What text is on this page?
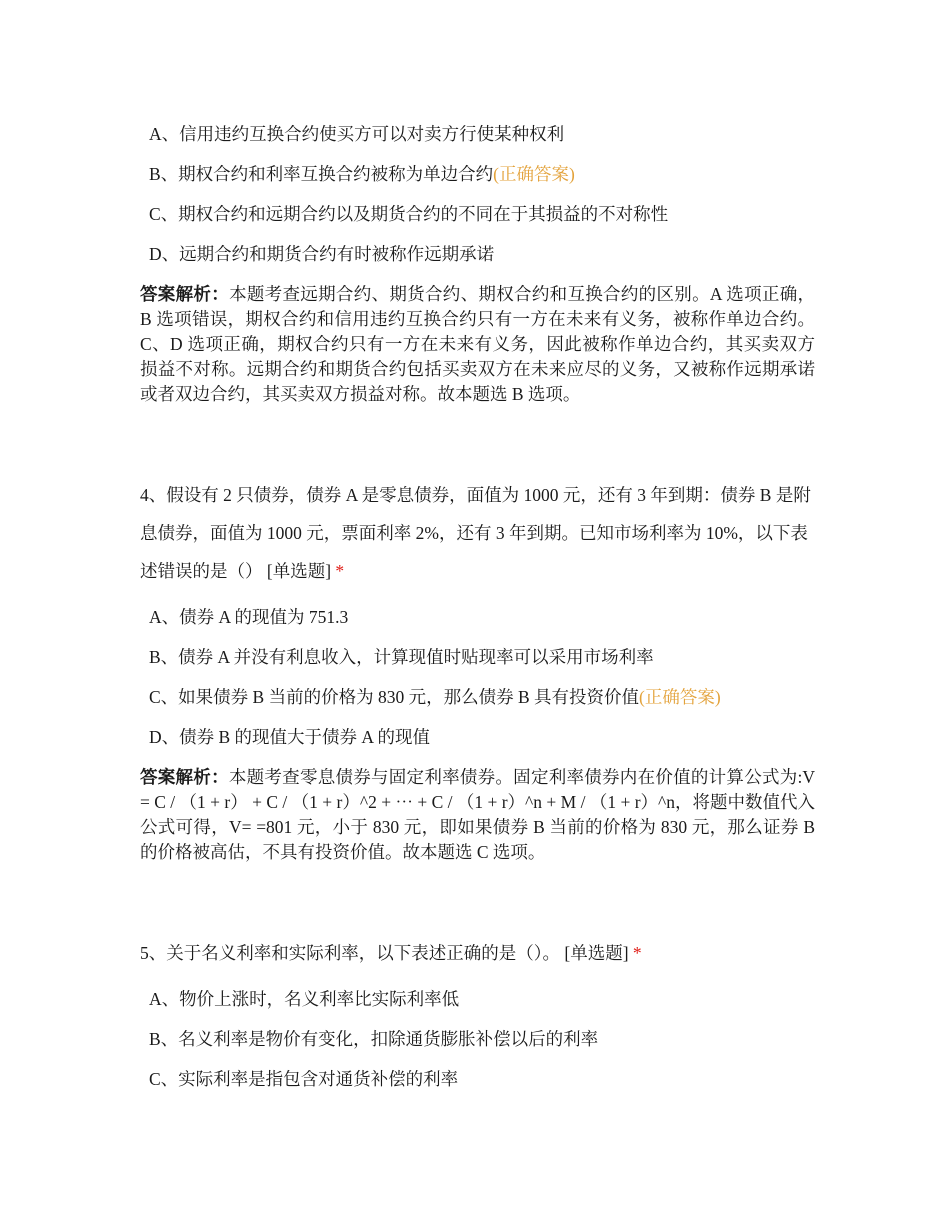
A、信用违约互换合约使买方可以对卖方行使某种权利
B、期权合约和利率互换合约被称为单边合约(正确答案)
C、期权合约和远期合约以及期货合约的不同在于其损益的不对称性
D、远期合约和期货合约有时被称作远期承诺
答案解析：本题考查远期合约、期货合约、期权合约和互换合约的区别。A 选项正确，B 选项错误，期权合约和信用违约互换合约只有一方在未来有义务，被称作单边合约。C、D 选项正确，期权合约只有一方在未来有义务，因此被称作单边合约，其买卖双方损益不对称。远期合约和期货合约包括买卖双方在未来应尽的义务，又被称作远期承诺或者双边合约，其买卖双方损益对称。故本题选 B 选项。
4、假设有 2 只债券，债券 A 是零息债券，面值为 1000 元，还有 3 年到期：债券 B 是附息债券，面值为 1000 元，票面利率 2%，还有 3 年到期。已知市场利率为 10%，以下表述错误的是（） [单选题] *
A、债券 A 的现值为 751.3
B、债券 A 并没有利息收入，计算现值时贴现率可以采用市场利率
C、如果债券 B 当前的价格为 830 元，那么债券 B 具有投资价值(正确答案)
D、债券 B 的现值大于债券 A 的现值
答案解析：本题考查零息债券与固定利率债券。固定利率债券内在价值的计算公式为:V = C / （1 + r） + C / （1 + r）^2 + ⋯ + C / （1 + r）^n + M / （1 + r）^n，将题中数值代入公式可得，V= =801 元，小于 830 元，即如果债券 B 当前的价格为 830 元，那么证券 B 的价格被高估，不具有投资价值。故本题选 C 选项。
5、关于名义利率和实际利率，以下表述正确的是（）。 [单选题] *
A、物价上涨时，名义利率比实际利率低
B、名义利率是物价有变化，扣除通货膨胀补偿以后的利率
C、实际利率是指包含对通货补偿的利率
